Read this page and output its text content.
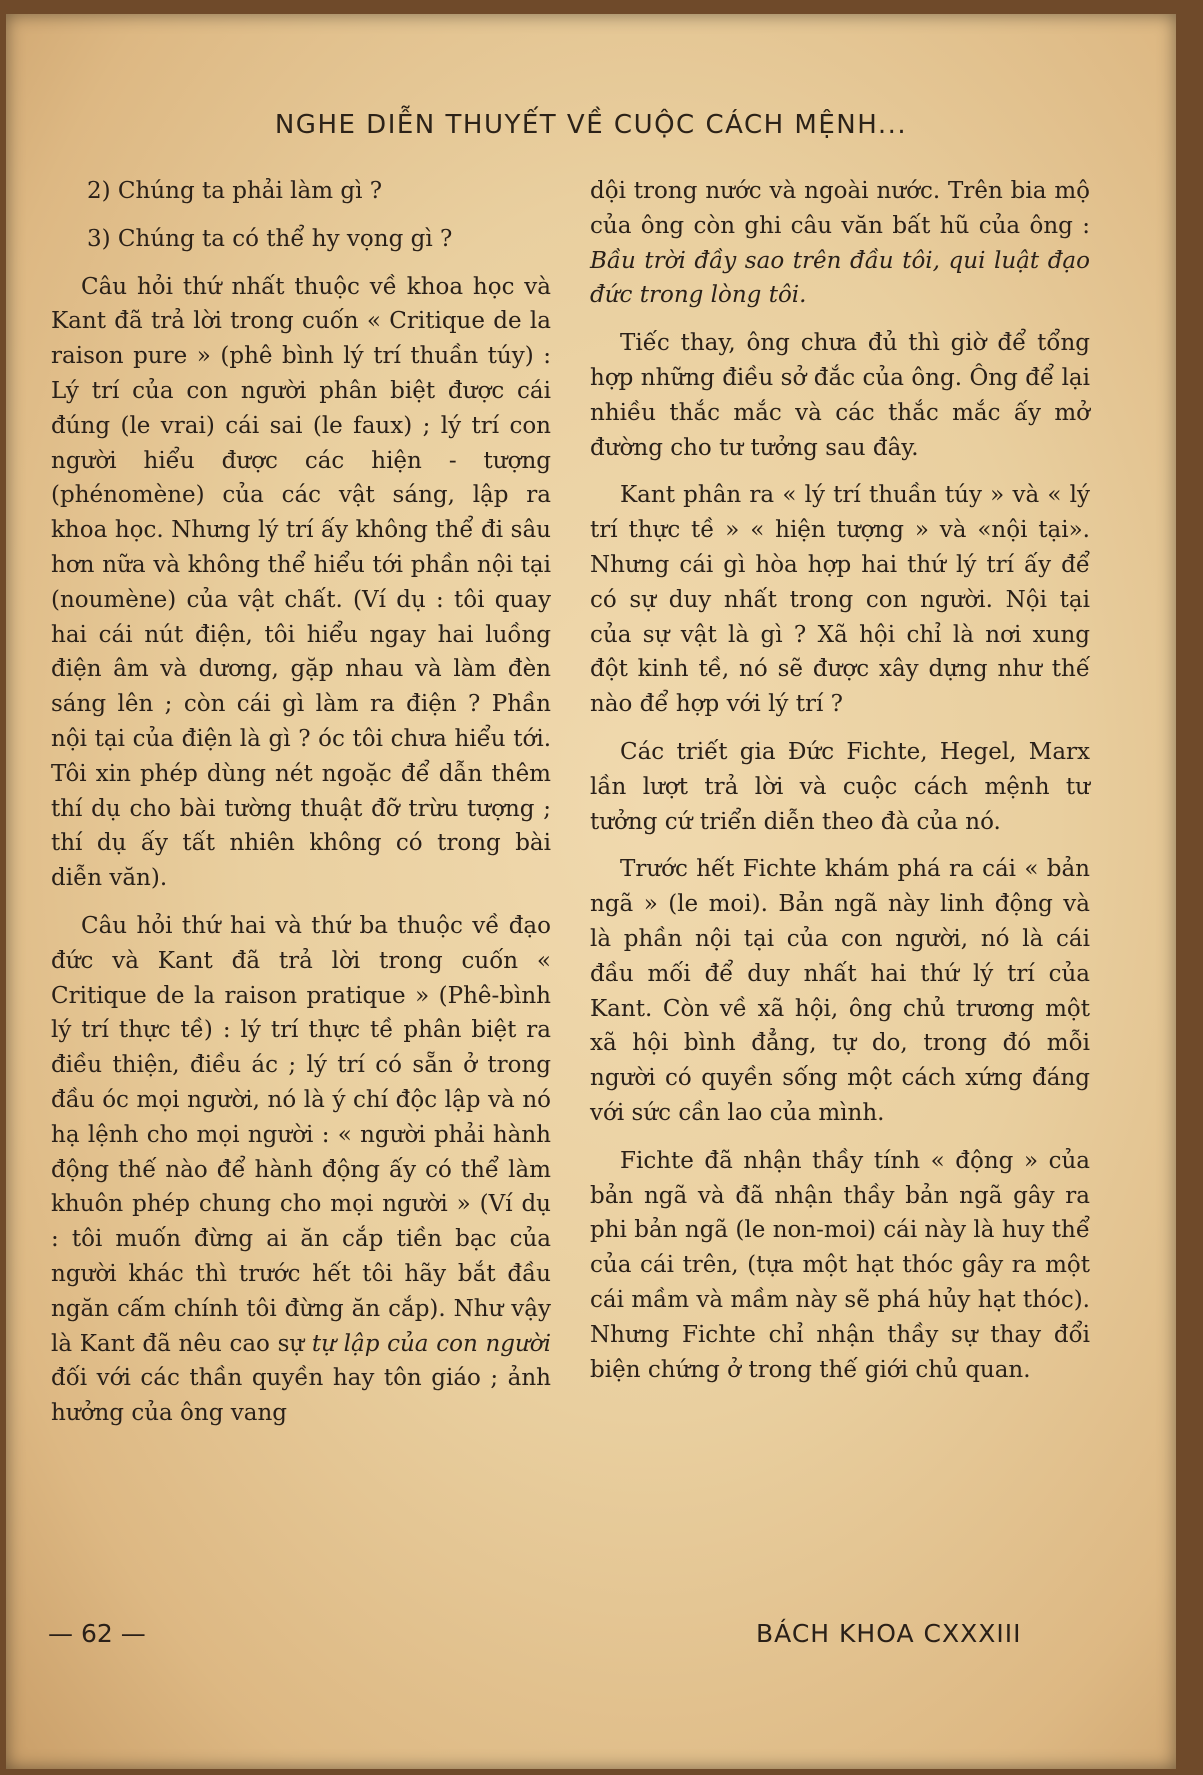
NGHE DIỄN THUYẾT VỀ CUỘC CÁCH MỆNH...

2) Chúng ta phải làm gì ?

3) Chúng ta có thể hy vọng gì ?

Câu hỏi thứ nhất thuộc về khoa học và Kant đã trả lời trong cuốn « Critique de la raison pure » (phê bình lý trí thuần túy) : Lý trí của con người phân biệt được cái đúng (le vrai) cái sai (le faux) ; lý trí con người hiểu được các hiện - tượng (phénomène) của các vật sáng, lập ra khoa học. Nhưng lý trí ấy không thể đi sâu hơn nữa và không thể hiểu tới phần nội tại (noumène) của vật chất. (Ví dụ : tôi quay hai cái nút điện, tôi hiểu ngay hai luồng điện âm và dương, gặp nhau và làm đèn sáng lên ; còn cái gì làm ra điện ? Phần nội tại của điện là gì ? óc tôi chưa hiểu tới. Tôi xin phép dùng nét ngoặc để dẫn thêm thí dụ cho bài tường thuật đỡ trừu tượng ; thí dụ ấy tất nhiên không có trong bài diễn văn).

Câu hỏi thứ hai và thứ ba thuộc về đạo đức và Kant đã trả lời trong cuốn « Critique de la raison pratique » (Phê-bình lý trí thực tề) : lý trí thực tề phân biệt ra điều thiện, điều ác ; lý trí có sẵn ở trong đầu óc mọi người, nó là ý chí độc lập và nó hạ lệnh cho mọi người : « người phải hành động thế nào để hành động ấy có thể làm khuôn phép chung cho mọi người » (Ví dụ : tôi muốn đừng ai ăn cắp tiền bạc của người khác thì trước hết tôi hãy bắt đầu ngăn cấm chính tôi đừng ăn cắp). Như vậy là Kant đã nêu cao sự tự lập của con người đối với các thần quyền hay tôn giáo ; ảnh hưởng của ông vang

dội trong nước và ngoài nước. Trên bia mộ của ông còn ghi câu văn bất hũ của ông : Bầu trời đầy sao trên đầu tôi, qui luật đạo đức trong lòng tôi.

Tiếc thay, ông chưa đủ thì giờ để tổng hợp những điều sở đắc của ông. Ông để lại nhiều thắc mắc và các thắc mắc ấy mở đường cho tư tưởng sau đây.

Kant phân ra « lý trí thuần túy » và « lý trí thực tề » « hiện tượng » và «nội tại». Nhưng cái gì hòa hợp hai thứ lý trí ấy để có sự duy nhất trong con người. Nội tại của sự vật là gì ? Xã hội chỉ là nơi xung đột kinh tề, nó sẽ được xây dựng như thế nào để hợp với lý trí ?

Các triết gia Đức Fichte, Hegel, Marx lần lượt trả lời và cuộc cách mệnh tư tưởng cứ triển diễn theo đà của nó.

Trước hết Fichte khám phá ra cái « bản ngã » (le moi). Bản ngã này linh động và là phần nội tại của con người, nó là cái đầu mối để duy nhất hai thứ lý trí của Kant. Còn về xã hội, ông chủ trương một xã hội bình đẳng, tự do, trong đó mỗi người có quyền sống một cách xứng đáng với sức cần lao của mình.

Fichte đã nhận thầy tính « động » của bản ngã và đã nhận thầy bản ngã gây ra phi bản ngã (le non-moi) cái này là huy thể của cái trên, (tựa một hạt thóc gây ra một cái mầm và mầm này sẽ phá hủy hạt thóc). Nhưng Fichte chỉ nhận thầy sự thay đổi biện chứng ở trong thế giới chủ quan.

— 62 —	BÁCH KHOA CXXXIII
